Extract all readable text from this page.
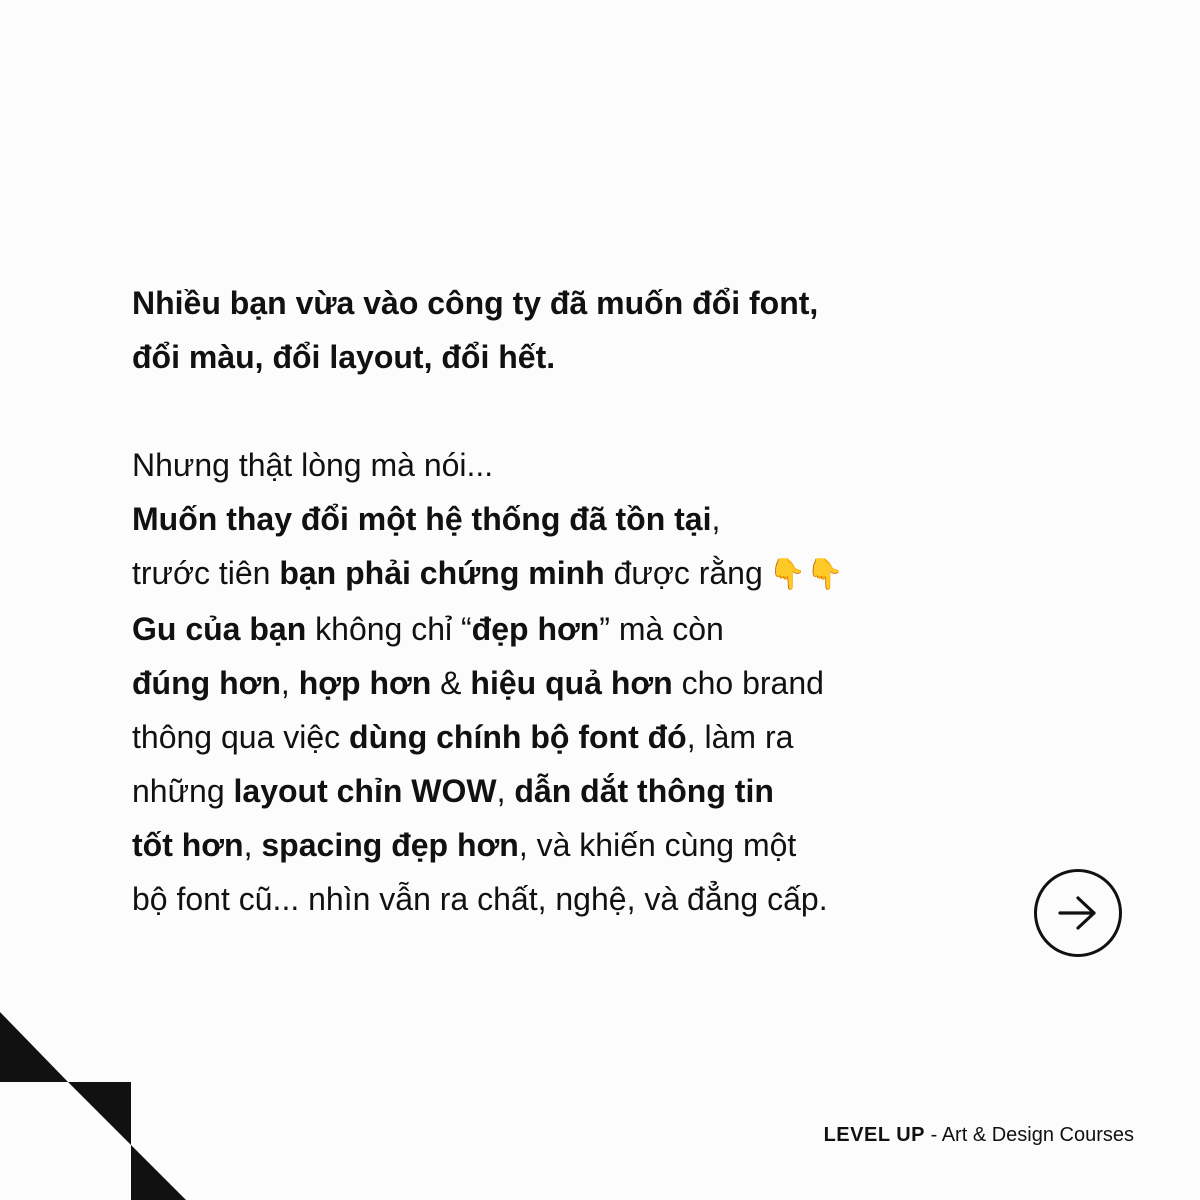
Nhiều bạn vừa vào công ty đã muốn đổi font,
đổi màu, đổi layout, đổi hết.
Nhưng thật lòng mà nói...
Muốn thay đổi một hệ thống đã tồn tại,
trước tiên bạn phải chứng minh được rằng 👇👇
Gu của bạn không chỉ “đẹp hơn” mà còn
đúng hơn, hợp hơn & hiệu quả hơn cho brand
thông qua việc dùng chính bộ font đó, làm ra
những layout chỉn WOW, dẫn dắt thông tin
tốt hơn, spacing đẹp hơn, và khiến cùng một
bộ font cũ... nhìn vẫn ra chất, nghệ, và đẳng cấp.
LEVEL UP - Art & Design Courses
